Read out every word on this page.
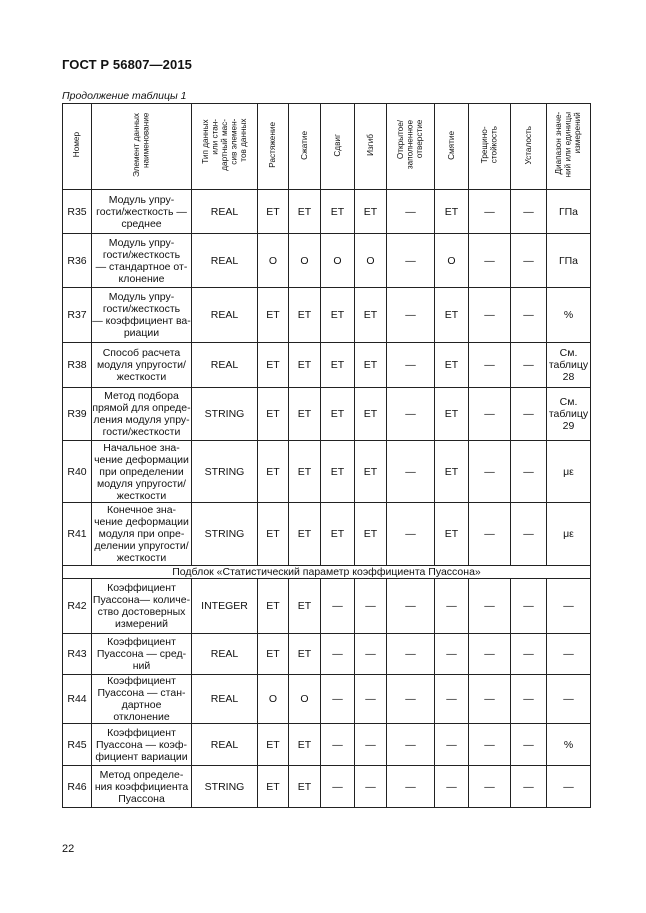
ГОСТ Р 56807—2015
Продолжение таблицы 1
Номер	Элемент данных
наименование	Тип данных
или стан-
дартный мас-
сив элемен-
тов данных	Растяжение	Сжатие	Сдвиг	Изгиб	Открытое/
заполненное
отверстие	Смятие	Трещино-
стойкость	Усталость	Диапазон значе-
ний или единицы
измерений
R35	Модуль упру-
гости/жесткость —
среднее	REAL	ET	ET	ET	ET	—	ET	—	—	ГПа
R36	Модуль упру-
гости/жесткость
— стандартное от-
клонение	REAL	O	O	O	O	—	O	—	—	ГПа
R37	Модуль упру-
гости/жесткость
— коэффициент ва-
риации	REAL	ET	ET	ET	ET	—	ET	—	—	%
R38	Способ расчета
модуля упругости/
жесткости	REAL	ET	ET	ET	ET	—	ET	—	—	См. таблицу 28
R39	Метод подбора
прямой для опреде-
ления модуля упру-
гости/жесткости	STRING	ET	ET	ET	ET	—	ET	—	—	См. таблицу 29
R40	Начальное зна-
чение деформации
при определении
модуля упругости/
жесткости	STRING	ET	ET	ET	ET	—	ET	—	—	με
R41	Конечное зна-
чение деформации
модуля при опре-
делении упругости/
жесткости	STRING	ET	ET	ET	ET	—	ET	—	—	με
Подблок «Статистический параметр коэффициента Пуассона»											
R42	Коэффициент
Пуассона— количе-
ство достоверных
измерений	INTEGER	ET	ET	—	—	—	—	—	—	—
R43	Коэффициент
Пуассона — сред-
ний	REAL	ET	ET	—	—	—	—	—	—	—
R44	Коэффициент
Пуассона — стан-
дартное отклонение	REAL	O	O	—	—	—	—	—	—	—
R45	Коэффициент
Пуассона — коэф-
фициент вариации	REAL	ET	ET	—	—	—	—	—	—	%
R46	Метод определе-
ния коэффициента
Пуассона	STRING	ET	ET	—	—	—	—	—	—	—
22
